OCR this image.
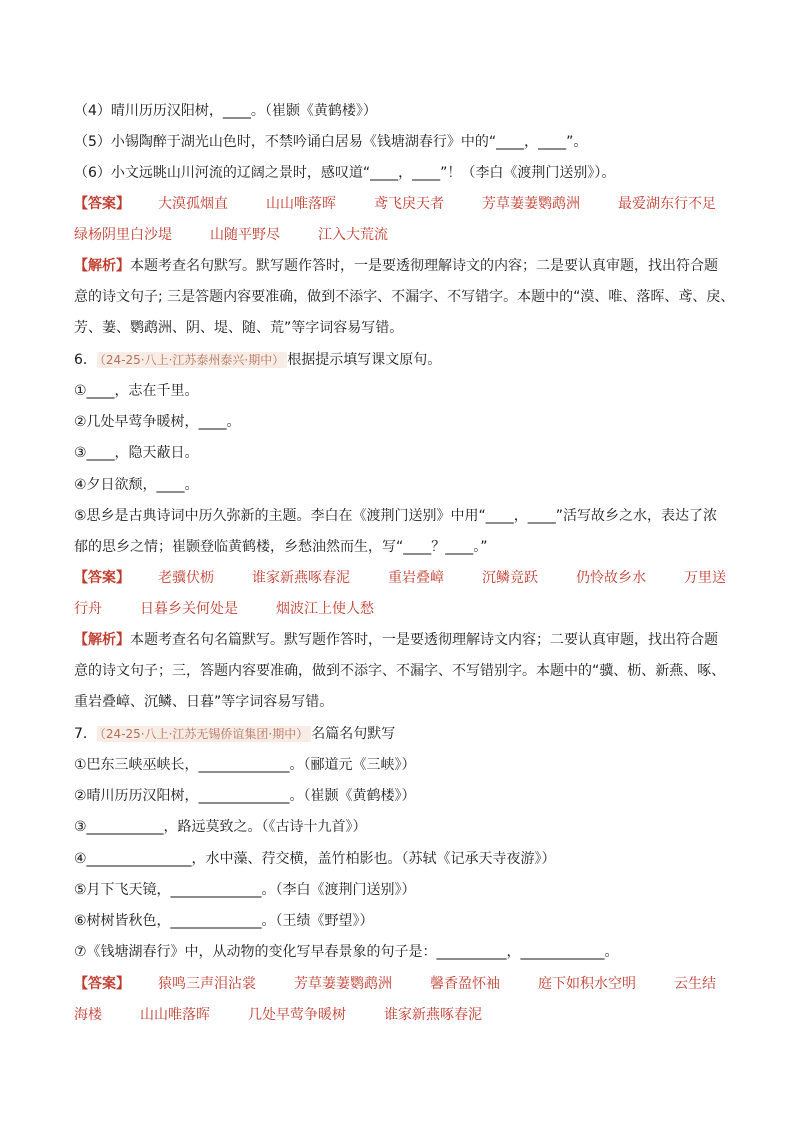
（4）晴川历历汉阳树，____。（崔颢《黄鹤楼》）
（5）小锡陶醉于湖光山色时，不禁吟诵白居易《钱塘湖春行》中的“____，____”。
（6）小文远眺山川河流的辽阔之景时，感叹道“____，____”！（李白《渡荆门送别》）。
【答案】 大漠孤烟直	山山唯落晖	鸢飞戾天者	芳草萋萋鹦鹉洲	最爱湖东行不足
绿杨阴里白沙堤	山随平野尽	江入大荒流
【解析】本题考查名句默写。默写题作答时，一是要透彻理解诗文的内容；二是要认真审题，找出符合题
意的诗文句子; 三是答题内容要准确，做到不添字、不漏字、不写错字。本题中的“漠、唯、落晖、鸢、戾、
芳、萋、鹦鹉洲、阴、堤、随、荒”等字词容易写错。
6． （24-25·八上·江苏泰州泰兴·期中） 根据提示填写课文原句。
①____，志在千里。
②几处早莺争暖树，____。
③____，隐天蔽日。
④夕日欲颓，____。
⑤思乡是古典诗词中历久弥新的主题。李白在《渡荆门送别》中用“____，____”活写故乡之水，表达了浓
郁的思乡之情；崔颢登临黄鹤楼，乡愁油然而生，写“____？____。”
【答案】 老骥伏枥	谁家新燕啄春泥	重岩叠嶂	沉鳞竞跃	仍怜故乡水	万里送
行舟	日暮乡关何处是	烟波江上使人愁
【解析】本题考查名句名篇默写。默写题作答时，一是要透彻理解诗文内容；二要认真审题，找出符合题
意的诗文句子；三，答题内容要准确，做到不添字、不漏字、不写错别字。本题中的“骥、枥、新燕、啄、
重岩叠嶂、沉鳞、日暮”等字词容易写错。
7． （24-25·八上·江苏无锡侨谊集团·期中） 名篇名句默写
①巴东三峡巫峡长，_____________。（郦道元《三峡》）
②晴川历历汉阳树，_____________。（崔颢《黄鹤楼》）
③___________，路远莫致之。（《古诗十九首》）
④_______________，水中藻、荇交横，盖竹柏影也。（苏轼《记承天寺夜游》）
⑤月下飞天镜，_____________。（李白《渡荆门送别》）
⑥树树皆秋色，_____________。（王绩《野望》）
⑦《钱塘湖春行》中，从动物的变化写早春景象的句子是：__________，____________。
【答案】 猿鸣三声泪沾裳	芳草萋萋鹦鹉洲	馨香盈怀袖	庭下如积水空明	云生结
海楼	山山唯落晖	几处早莺争暖树	谁家新燕啄春泥
